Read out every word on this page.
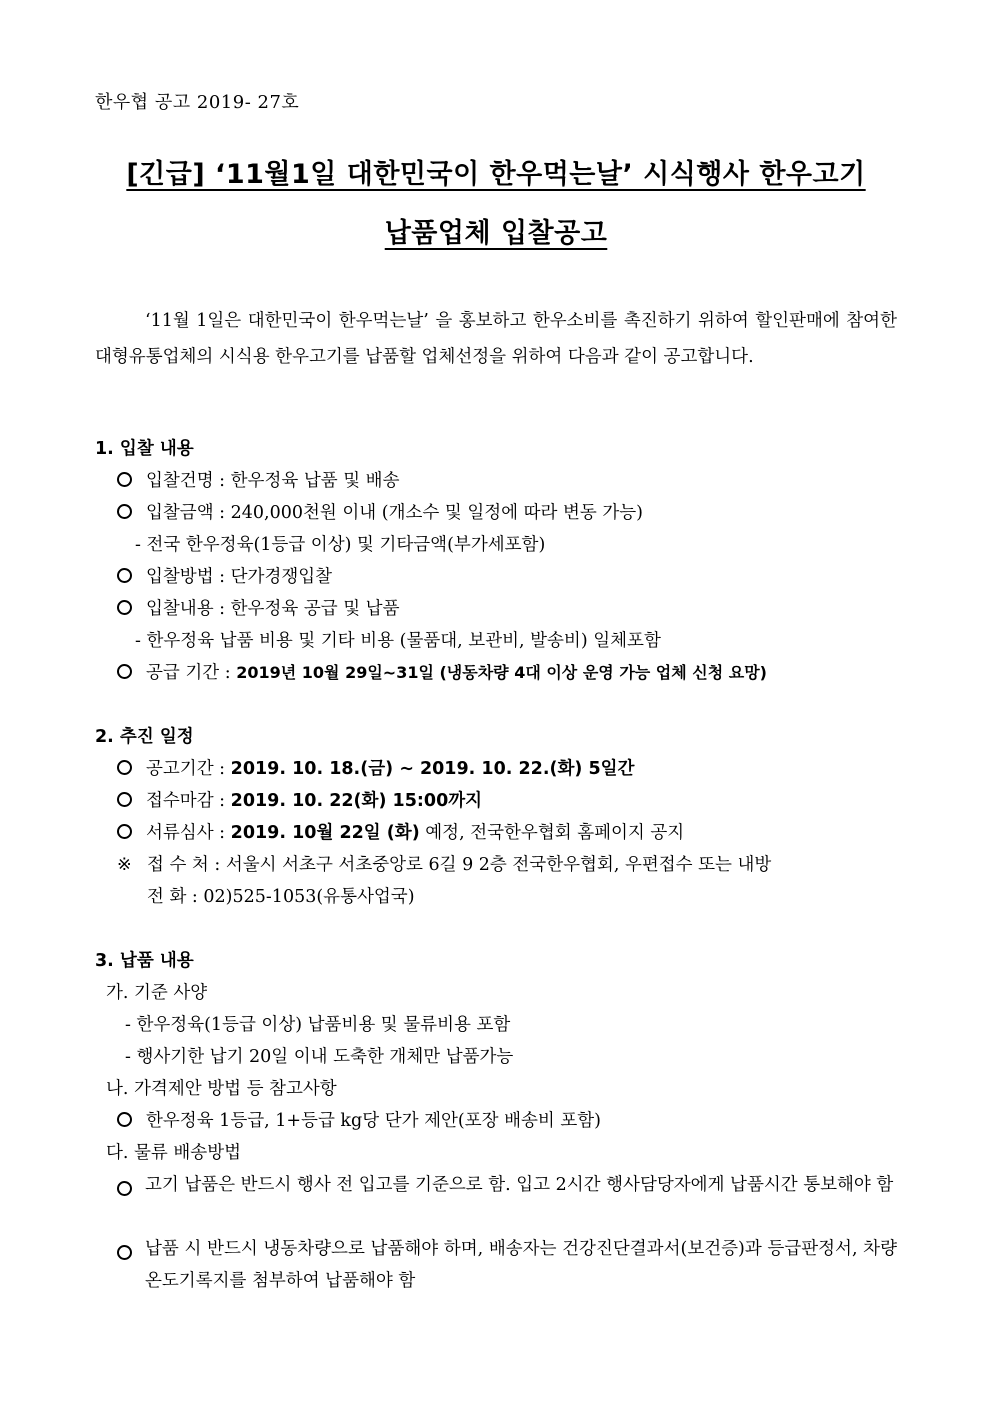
한우협 공고 2019- 27호
[긴급] ‘11월1일 대한민국이 한우먹는날’ 시식행사 한우고기
납품업체 입찰공고

‘11월 1일은 대한민국이 한우먹는날’ 을 홍보하고 한우소비를 촉진하기 위하여 할인판매에 참여한 대형유통업체의 시식용 한우고기를 납품할 업체선정을 위하여 다음과 같이 공고합니다.

1. 입찰 내용
입찰건명 : 한우정육 납품 및 배송
입찰금액 : 240,000천원 이내 (개소수 및 일정에 따라 변동 가능)
- 전국 한우정육(1등급 이상) 및 기타금액(부가세포함)
입찰방법 : 단가경쟁입찰
입찰내용 : 한우정육 공급 및 납품
- 한우정육 납품 비용 및 기타 비용 (물품대, 보관비, 발송비) 일체포함
공급 기간 : 2019년 10월 29일~31일 (냉동차량 4대 이상 운영 가능 업체 신청 요망)
2. 추진 일정
공고기간 : 2019. 10. 18.(금) ∼ 2019. 10. 22.(화) 5일간
접수마감 : 2019. 10. 22(화) 15:00까지
서류심사 : 2019. 10월 22일 (화) 예정, 전국한우협회 홈페이지 공지
※ 접 수 처 : 서울시 서초구 서초중앙로 6길 9 2층 전국한우협회, 우편접수 또는 내방
전 화 : 02)525-1053(유통사업국)
3. 납품 내용
가. 기준 사양
- 한우정육(1등급 이상) 납품비용 및 물류비용 포함
- 행사기한 납기 20일 이내 도축한 개체만 납품가능
나. 가격제안 방법 등 참고사항
한우정육 1등급, 1+등급 kg당 단가 제안(포장 배송비 포함)
다. 물류 배송방법
고기 납품은 반드시 행사 전 입고를 기준으로 함. 입고 2시간 행사담당자에게 납품시간 통보해야 함
납품 시 반드시 냉동차량으로 납품해야 하며, 배송자는 건강진단결과서(보건증)과 등급판정서, 차량온도기록지를 첨부하여 납품해야 함
